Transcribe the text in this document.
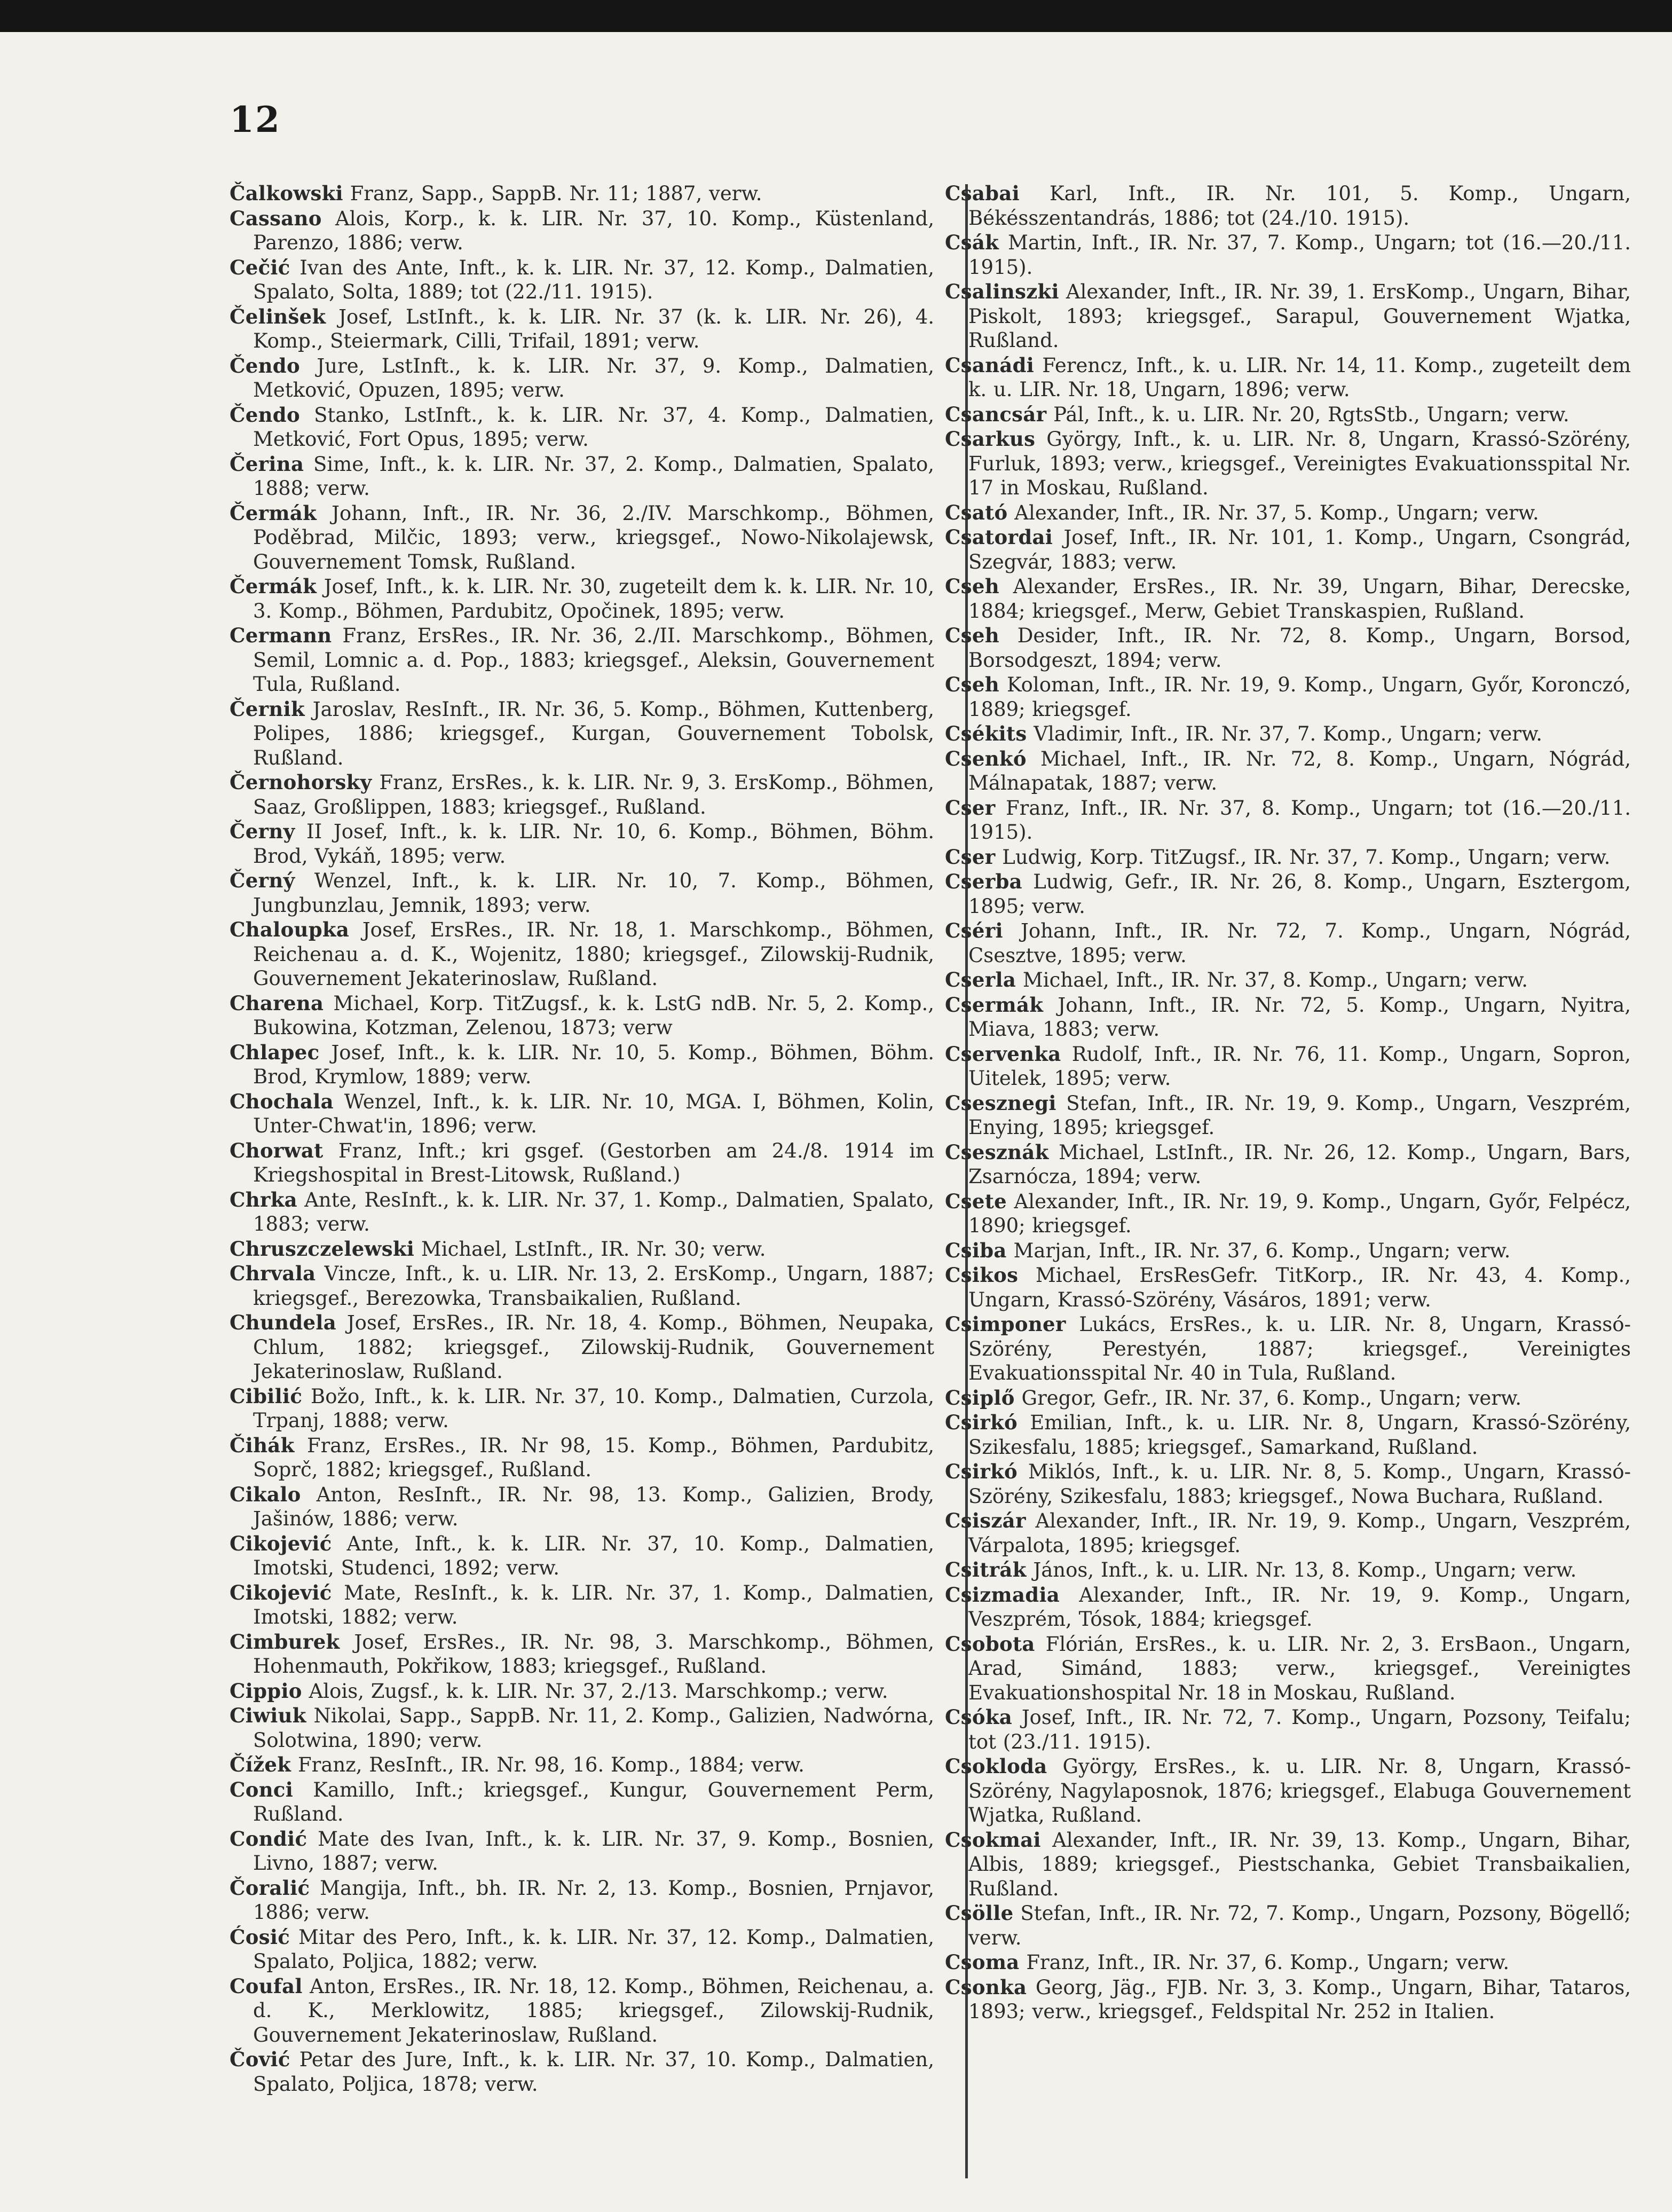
12

Čalkowski Franz, Sapp., SappB. Nr. 11; 1887, verw.

Cassano Alois, Korp., k. k. LIR. Nr. 37, 10. Komp., Küstenland, Parenzo, 1886; verw.

Cečić Ivan des Ante, Inft., k. k. LIR. Nr. 37, 12. Komp., Dalmatien, Spalato, Solta, 1889; tot (22./11. 1915).

Čelinšek Josef, LstInft., k. k. LIR. Nr. 37 (k. k. LIR. Nr. 26), 4. Komp., Steiermark, Cilli, Trifail, 1891; verw.

Čendo Jure, LstInft., k. k. LIR. Nr. 37, 9. Komp., Dalmatien, Metković, Opuzen, 1895; verw.

Čendo Stanko, LstInft., k. k. LIR. Nr. 37, 4. Komp., Dalmatien, Metković, Fort Opus, 1895; verw.

Čerina Sime, Inft., k. k. LIR. Nr. 37, 2. Komp., Dalmatien, Spalato, 1888; verw.

Čermák Johann, Inft., IR. Nr. 36, 2./IV. Marschkomp., Böhmen, Poděbrad, Milčic, 1893; verw., kriegsgef., Nowo-Nikolajewsk, Gouvernement Tomsk, Rußland.

Čermák Josef, Inft., k. k. LIR. Nr. 30, zugeteilt dem k. k. LIR. Nr. 10, 3. Komp., Böhmen, Pardubitz, Opočinek, 1895; verw.

Cermann Franz, ErsRes., IR. Nr. 36, 2./II. Marschkomp., Böhmen, Semil, Lomnic a. d. Pop., 1883; kriegsgef., Aleksin, Gouvernement Tula, Rußland.

Černik Jaroslav, ResInft., IR. Nr. 36, 5. Komp., Böhmen, Kuttenberg, Polipes, 1886; kriegsgef., Kurgan, Gouvernement Tobolsk, Rußland.

Černohorsky Franz, ErsRes., k. k. LIR. Nr. 9, 3. ErsKomp., Böhmen, Saaz, Großlippen, 1883; kriegsgef., Rußland.

Černy II Josef, Inft., k. k. LIR. Nr. 10, 6. Komp., Böhmen, Böhm. Brod, Vykáň, 1895; verw.

Černý Wenzel, Inft., k. k. LIR. Nr. 10, 7. Komp., Böhmen, Jungbunzlau, Jemnik, 1893; verw.

Chaloupka Josef, ErsRes., IR. Nr. 18, 1. Marschkomp., Böhmen, Reichenau a. d. K., Wojenitz, 1880; kriegsgef., Zilowskij-Rudnik, Gouvernement Jekaterinoslaw, Rußland.

Charena Michael, Korp. TitZugsf., k. k. LstG ndB. Nr. 5, 2. Komp., Bukowina, Kotzman, Zelenou, 1873; verw

Chlapec Josef, Inft., k. k. LIR. Nr. 10, 5. Komp., Böhmen, Böhm. Brod, Krymlow, 1889; verw.

Chochala Wenzel, Inft., k. k. LIR. Nr. 10, MGA. I, Böhmen, Kolin, Unter-Chwat'in, 1896; verw.

Chorwat Franz, Inft.; kri gsgef. (Gestorben am 24./8. 1914 im Kriegshospital in Brest-Litowsk, Rußland.)

Chrka Ante, ResInft., k. k. LIR. Nr. 37, 1. Komp., Dalmatien, Spalato, 1883; verw.

Chruszczelewski Michael, LstInft., IR. Nr. 30; verw.

Chrvala Vincze, Inft., k. u. LIR. Nr. 13, 2. ErsKomp., Ungarn, 1887; kriegsgef., Berezowka, Transbaikalien, Rußland.

Chundela Josef, ErsRes., IR. Nr. 18, 4. Komp., Böhmen, Neupaka, Chlum, 1882; kriegsgef., Zilowskij-Rudnik, Gouvernement Jekaterinoslaw, Rußland.

Cibilić Božo, Inft., k. k. LIR. Nr. 37, 10. Komp., Dalmatien, Curzola, Trpanj, 1888; verw.

Čihák Franz, ErsRes., IR. Nr 98, 15. Komp., Böhmen, Pardubitz, Soprč, 1882; kriegsgef., Rußland.

Cikalo Anton, ResInft., IR. Nr. 98, 13. Komp., Galizien, Brody, Jašinów, 1886; verw.

Cikojević Ante, Inft., k. k. LIR. Nr. 37, 10. Komp., Dalmatien, Imotski, Studenci, 1892; verw.

Cikojević Mate, ResInft., k. k. LIR. Nr. 37, 1. Komp., Dalmatien, Imotski, 1882; verw.

Cimburek Josef, ErsRes., IR. Nr. 98, 3. Marschkomp., Böhmen, Hohenmauth, Pokřikow, 1883; kriegsgef., Rußland.

Cippio Alois, Zugsf., k. k. LIR. Nr. 37, 2./13. Marschkomp.; verw.

Ciwiuk Nikolai, Sapp., SappB. Nr. 11, 2. Komp., Galizien, Nadwórna, Solotwina, 1890; verw.

Čížek Franz, ResInft., IR. Nr. 98, 16. Komp., 1884; verw.

Conci Kamillo, Inft.; kriegsgef., Kungur, Gouvernement Perm, Rußland.

Condić Mate des Ivan, Inft., k. k. LIR. Nr. 37, 9. Komp., Bosnien, Livno, 1887; verw.

Čoralić Mangija, Inft., bh. IR. Nr. 2, 13. Komp., Bosnien, Prnjavor, 1886; verw.

Ćosić Mitar des Pero, Inft., k. k. LIR. Nr. 37, 12. Komp., Dalmatien, Spalato, Poljica, 1882; verw.

Coufal Anton, ErsRes., IR. Nr. 18, 12. Komp., Böhmen, Reichenau, a. d. K., Merklowitz, 1885; kriegsgef., Zilowskij-Rudnik, Gouvernement Jekaterinoslaw, Rußland.

Čović Petar des Jure, Inft., k. k. LIR. Nr. 37, 10. Komp., Dalmatien, Spalato, Poljica, 1878; verw.

Csabai Karl, Inft., IR. Nr. 101, 5. Komp., Ungarn, Békésszentandrás, 1886; tot (24./10. 1915).

Csák Martin, Inft., IR. Nr. 37, 7. Komp., Ungarn; tot (16.—20./11. 1915).

Csalinszki Alexander, Inft., IR. Nr. 39, 1. ErsKomp., Ungarn, Bihar, Piskolt, 1893; kriegsgef., Sarapul, Gouvernement Wjatka, Rußland.

Csanádi Ferencz, Inft., k. u. LIR. Nr. 14, 11. Komp., zugeteilt dem k. u. LIR. Nr. 18, Ungarn, 1896; verw.

Csancsár Pál, Inft., k. u. LIR. Nr. 20, RgtsStb., Ungarn; verw.

Csarkus György, Inft., k. u. LIR. Nr. 8, Ungarn, Krassó-Szörény, Furluk, 1893; verw., kriegsgef., Vereinigtes Evakuationsspital Nr. 17 in Moskau, Rußland.

Csató Alexander, Inft., IR. Nr. 37, 5. Komp., Ungarn; verw.

Csatordai Josef, Inft., IR. Nr. 101, 1. Komp., Ungarn, Csongrád, Szegvár, 1883; verw.

Cseh Alexander, ErsRes., IR. Nr. 39, Ungarn, Bihar, Derecske, 1884; kriegsgef., Merw, Gebiet Transkaspien, Rußland.

Cseh Desider, Inft., IR. Nr. 72, 8. Komp., Ungarn, Borsod, Borsodgeszt, 1894; verw.

Cseh Koloman, Inft., IR. Nr. 19, 9. Komp., Ungarn, Győr, Koronczó, 1889; kriegsgef.

Csékits Vladimir, Inft., IR. Nr. 37, 7. Komp., Ungarn; verw.

Csenkó Michael, Inft., IR. Nr. 72, 8. Komp., Ungarn, Nógrád, Málnapatak, 1887; verw.

Cser Franz, Inft., IR. Nr. 37, 8. Komp., Ungarn; tot (16.—20./11. 1915).

Cser Ludwig, Korp. TitZugsf., IR. Nr. 37, 7. Komp., Ungarn; verw.

Cserba Ludwig, Gefr., IR. Nr. 26, 8. Komp., Ungarn, Esztergom, 1895; verw.

Cséri Johann, Inft., IR. Nr. 72, 7. Komp., Ungarn, Nógrád, Csesztve, 1895; verw.

Cserla Michael, Inft., IR. Nr. 37, 8. Komp., Ungarn; verw.

Csermák Johann, Inft., IR. Nr. 72, 5. Komp., Ungarn, Nyitra, Miava, 1883; verw.

Cservenka Rudolf, Inft., IR. Nr. 76, 11. Komp., Ungarn, Sopron, Uitelek, 1895; verw.

Csesznegi Stefan, Inft., IR. Nr. 19, 9. Komp., Ungarn, Veszprém, Enying, 1895; kriegsgef.

Csesznák Michael, LstInft., IR. Nr. 26, 12. Komp., Ungarn, Bars, Zsarnócza, 1894; verw.

Csete Alexander, Inft., IR. Nr. 19, 9. Komp., Ungarn, Győr, Felpécz, 1890; kriegsgef.

Csiba Marjan, Inft., IR. Nr. 37, 6. Komp., Ungarn; verw.

Csikos Michael, ErsResGefr. TitKorp., IR. Nr. 43, 4. Komp., Ungarn, Krassó-Szörény, Vásáros, 1891; verw.

Csimponer Lukács, ErsRes., k. u. LIR. Nr. 8, Ungarn, Krassó-Szörény, Perestyén, 1887; kriegsgef., Vereinigtes Evakuationsspital Nr. 40 in Tula, Rußland.

Csiplő Gregor, Gefr., IR. Nr. 37, 6. Komp., Ungarn; verw.

Csirkó Emilian, Inft., k. u. LIR. Nr. 8, Ungarn, Krassó-Szörény, Szikesfalu, 1885; kriegsgef., Samarkand, Rußland.

Csirkó Miklós, Inft., k. u. LIR. Nr. 8, 5. Komp., Ungarn, Krassó-Szörény, Szikesfalu, 1883; kriegsgef., Nowa Buchara, Rußland.

Csiszár Alexander, Inft., IR. Nr. 19, 9. Komp., Ungarn, Veszprém, Várpalota, 1895; kriegsgef.

Csitrák János, Inft., k. u. LIR. Nr. 13, 8. Komp., Ungarn; verw.

Csizmadia Alexander, Inft., IR. Nr. 19, 9. Komp., Ungarn, Veszprém, Tósok, 1884; kriegsgef.

Csobota Flórián, ErsRes., k. u. LIR. Nr. 2, 3. ErsBaon., Ungarn, Arad, Simánd, 1883; verw., kriegsgef., Vereinigtes Evakuationshospital Nr. 18 in Moskau, Rußland.

Csóka Josef, Inft., IR. Nr. 72, 7. Komp., Ungarn, Pozsony, Teifalu; tot (23./11. 1915).

Csokloda György, ErsRes., k. u. LIR. Nr. 8, Ungarn, Krassó-Szörény, Nagylaposnok, 1876; kriegsgef., Elabuga Gouvernement Wjatka, Rußland.

Csokmai Alexander, Inft., IR. Nr. 39, 13. Komp., Ungarn, Bihar, Albis, 1889; kriegsgef., Piestschanka, Gebiet Transbaikalien, Rußland.

Csölle Stefan, Inft., IR. Nr. 72, 7. Komp., Ungarn, Pozsony, Bögellő; verw.

Csoma Franz, Inft., IR. Nr. 37, 6. Komp., Ungarn; verw.

Csonka Georg, Jäg., FJB. Nr. 3, 3. Komp., Ungarn, Bihar, Tataros, 1893; verw., kriegsgef., Feldspital Nr. 252 in Italien.
